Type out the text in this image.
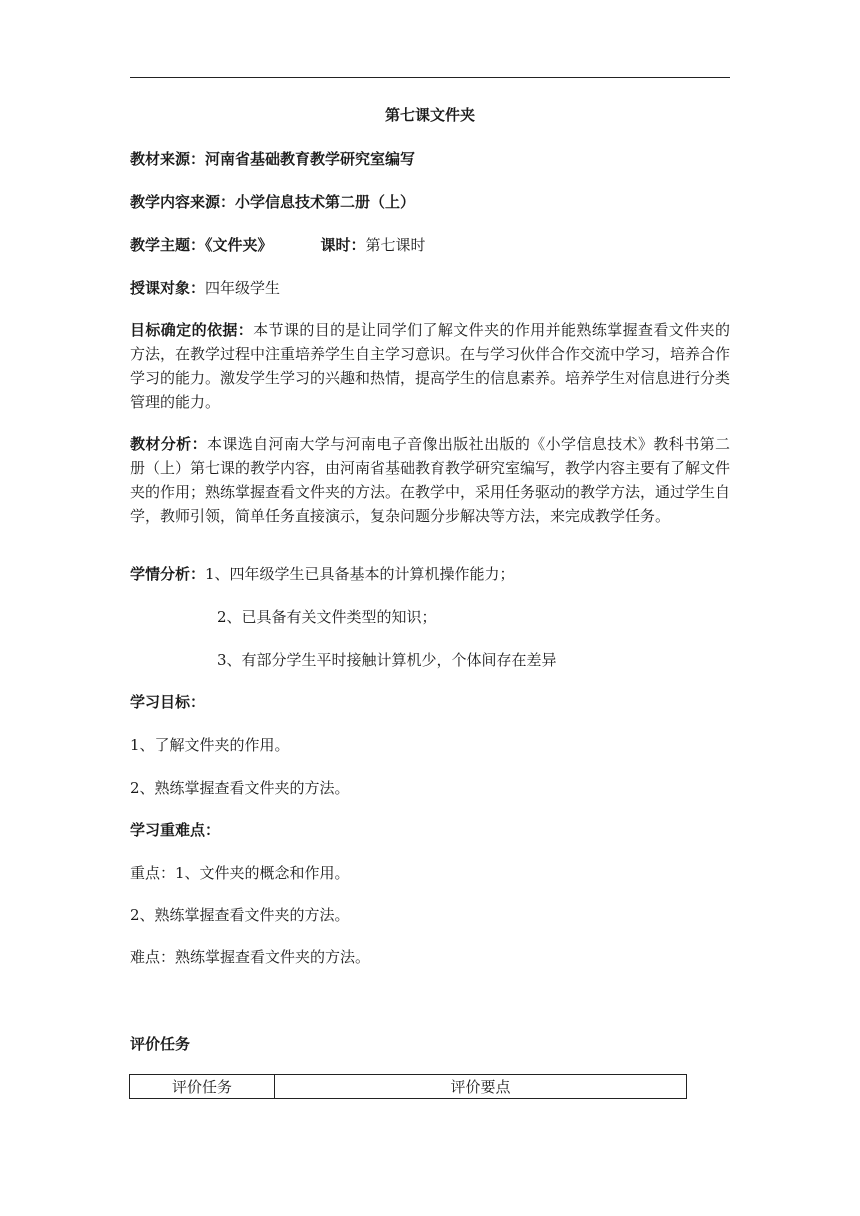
第七课文件夹
教材来源：河南省基础教育教学研究室编写
教学内容来源：小学信息技术第二册（上）
教学主题：《文件夹》	课时：第七课时
授课对象：四年级学生
目标确定的依据：本节课的目的是让同学们了解文件夹的作用并能熟练掌握查看文件夹的方法，在教学过程中注重培养学生自主学习意识。在与学习伙伴合作交流中学习，培养合作学习的能力。激发学生学习的兴趣和热情，提高学生的信息素养。培养学生对信息进行分类管理的能力。
教材分析：本课选自河南大学与河南电子音像出版社出版的《小学信息技术》教科书第二册（上）第七课的教学内容，由河南省基础教育教学研究室编写，教学内容主要有了解文件夹的作用；熟练掌握查看文件夹的方法。在教学中，采用任务驱动的教学方法，通过学生自学，教师引领，简单任务直接演示，复杂问题分步解决等方法，来完成教学任务。
学情分析：1、四年级学生已具备基本的计算机操作能力；
2、已具备有关文件类型的知识；
3、有部分学生平时接触计算机少，个体间存在差异
学习目标：
1、了解文件夹的作用。
2、熟练掌握查看文件夹的方法。
学习重难点：
重点：1、文件夹的概念和作用。
2、熟练掌握查看文件夹的方法。
难点：熟练掌握查看文件夹的方法。
评价任务
评价任务	评价要点
